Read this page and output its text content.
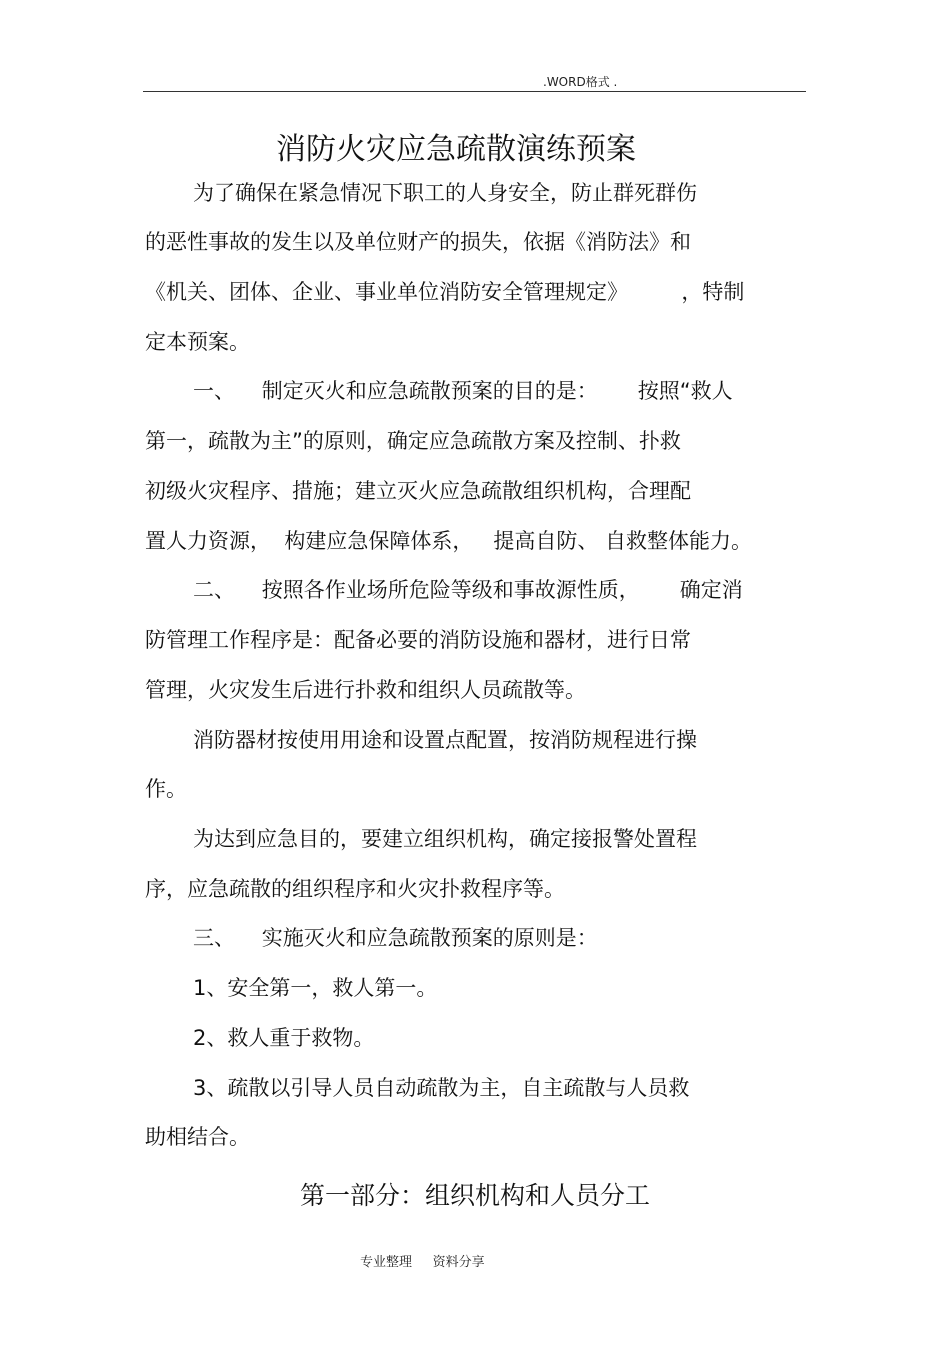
.WORD格式 .
消防火灾应急疏散演练预案
为了确保在紧急情况下职工的人身安全，防止群死群伤
的恶性事故的发生以及单位财产的损失，依据《消防法》和
《机关、团体、企业、事业单位消防安全管理规定》        ，特制
定本预案。
一、    制定灭火和应急疏散预案的目的是：      按照“救人
第一，疏散为主”的原则，确定应急疏散方案及控制、扑救
初级火灾程序、措施；建立灭火应急疏散组织机构，合理配
置人力资源，  构建应急保障体系，   提高自防、 自救整体能力。
二、    按照各作业场所危险等级和事故源性质，      确定消
防管理工作程序是：配备必要的消防设施和器材，进行日常
管理，火灾发生后进行扑救和组织人员疏散等。
消防器材按使用用途和设置点配置，按消防规程进行操
作。
为达到应急目的，要建立组织机构，确定接报警处置程
序，应急疏散的组织程序和火灾扑救程序等。
三、    实施灭火和应急疏散预案的原则是：
1、安全第一，救人第一。
2、救人重于救物。
3、疏散以引导人员自动疏散为主，自主疏散与人员救
助相结合。
第一部分：组织机构和人员分工
专业整理     资料分享
